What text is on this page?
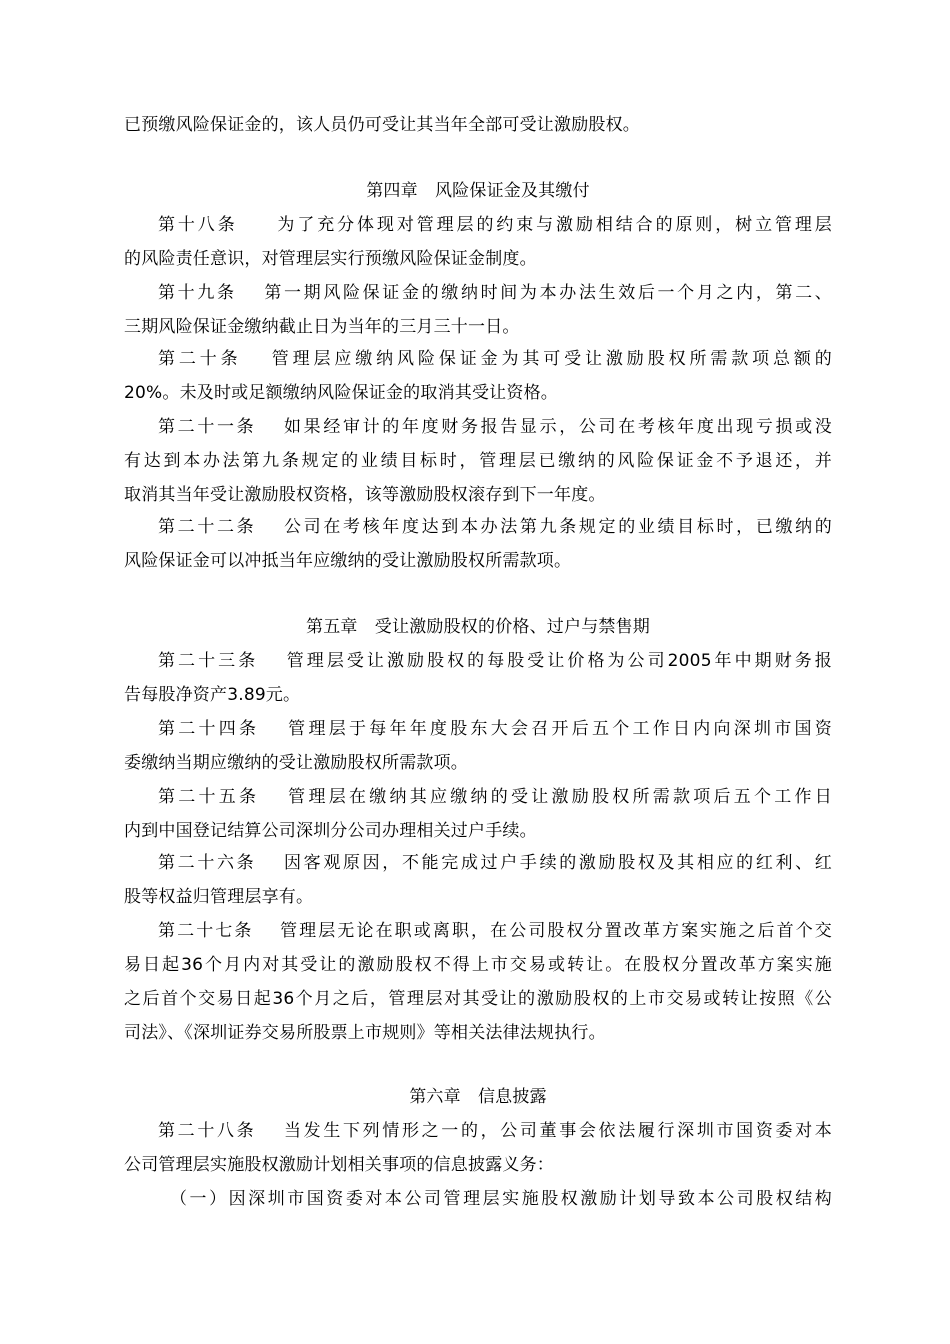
已预缴风险保证金的，该人员仍可受让其当年全部可受让激励股权。
第四章　风险保证金及其缴付
第十八条　　为了充分体现对管理层的约束与激励相结合的原则，树立管理层
的风险责任意识，对管理层实行预缴风险保证金制度。
第十九条　 第一期风险保证金的缴纳时间为本办法生效后一个月之内，第二、
三期风险保证金缴纳截止日为当年的三月三十一日。
第二十条　 管理层应缴纳风险保证金为其可受让激励股权所需款项总额的
20%。未及时或足额缴纳风险保证金的取消其受让资格。
第二十一条　 如果经审计的年度财务报告显示，公司在考核年度出现亏损或没
有达到本办法第九条规定的业绩目标时，管理层已缴纳的风险保证金不予退还，并
取消其当年受让激励股权资格，该等激励股权滚存到下一年度。
第二十二条　 公司在考核年度达到本办法第九条规定的业绩目标时，已缴纳的
风险保证金可以冲抵当年应缴纳的受让激励股权所需款项。
第五章　受让激励股权的价格、过户与禁售期
第二十三条　 管理层受让激励股权的每股受让价格为公司2005年中期财务报
告每股净资产3.89元。
第二十四条　 管理层于每年年度股东大会召开后五个工作日内向深圳市国资
委缴纳当期应缴纳的受让激励股权所需款项。
第二十五条　 管理层在缴纳其应缴纳的受让激励股权所需款项后五个工作日
内到中国登记结算公司深圳分公司办理相关过户手续。
第二十六条　 因客观原因，不能完成过户手续的激励股权及其相应的红利、红
股等权益归管理层享有。
第二十七条　 管理层无论在职或离职，在公司股权分置改革方案实施之后首个交
易日起36个月内对其受让的激励股权不得上市交易或转让。在股权分置改革方案实施
之后首个交易日起36个月之后，管理层对其受让的激励股权的上市交易或转让按照《公
司法》、《深圳证券交易所股票上市规则》等相关法律法规执行。
第六章　信息披露
第二十八条　 当发生下列情形之一的，公司董事会依法履行深圳市国资委对本
公司管理层实施股权激励计划相关事项的信息披露义务：
（一）因深圳市国资委对本公司管理层实施股权激励计划导致本公司股权结构
